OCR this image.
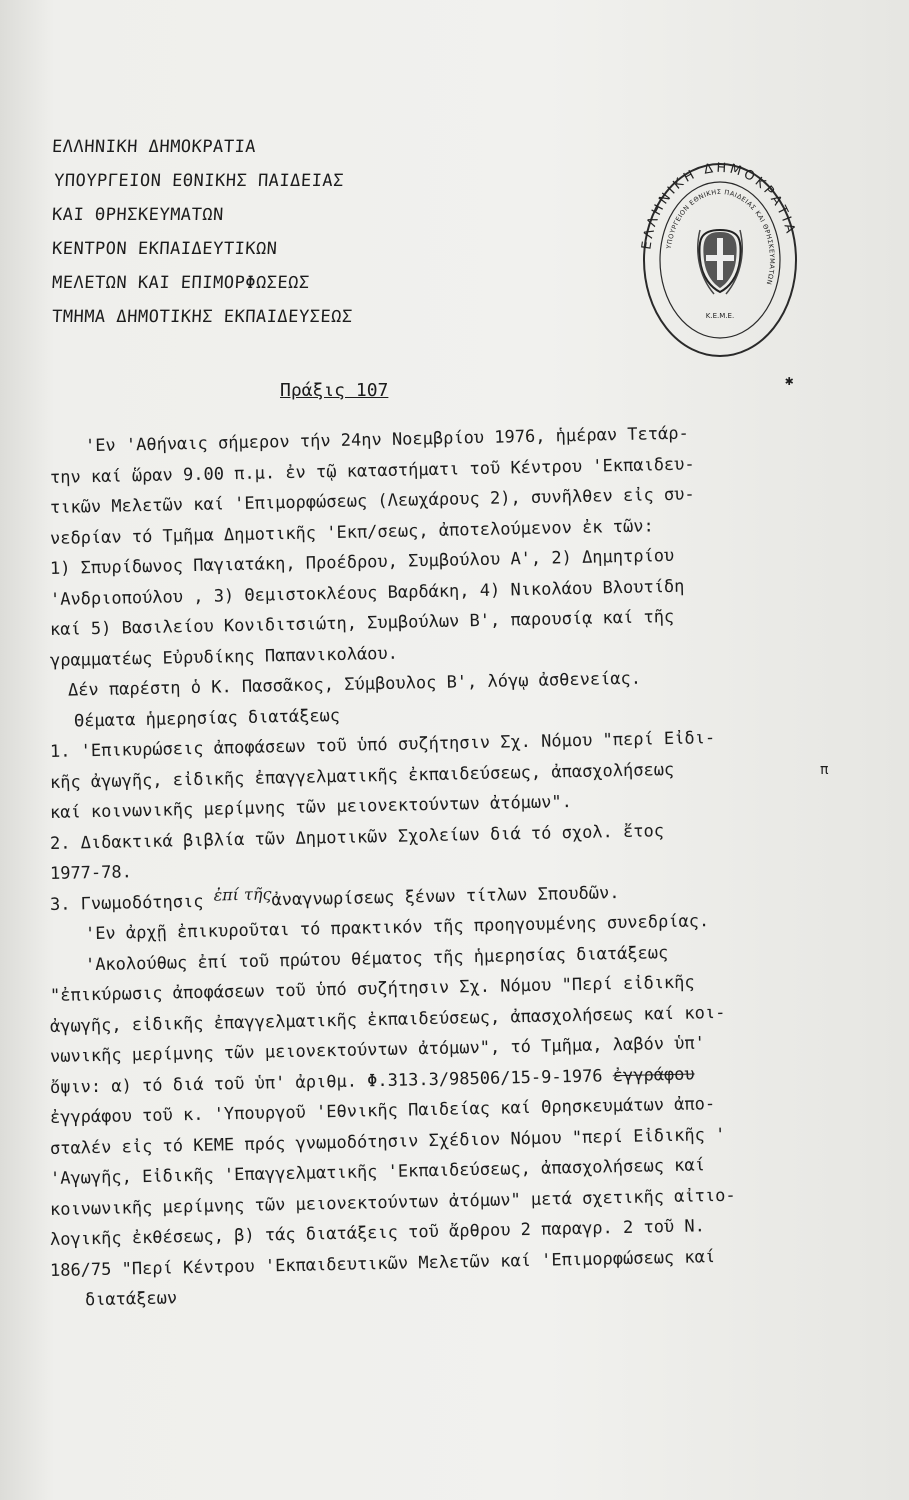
ΕΛΛΗΝΙΚΗ ΔΗΜΟΚΡΑΤΙΑ
ΥΠΟΥΡΓΕΙΟΝ ΕΘΝΙΚΗΣ ΠΑΙΔΕΙΑΣ
ΚΑΙ ΘΡΗΣΚΕΥΜΑΤΩΝ
ΚΕΝΤΡΟΝ ΕΚΠΑΙΔΕΥΤΙΚΩΝ
ΜΕΛΕΤΩΝ ΚΑΙ ΕΠΙΜΟΡΦΩΣΕΩΣ
ΤΜΗΜΑ ΔΗΜΟΤΙΚΗΣ ΕΚΠΑΙΔΕΥΣΕΩΣ
ΕΛΛΗΝΙΚΗ ΔΗΜΟΚΡΑΤΙΑ
ΥΠΟΥΡΓΕΙΟΝ ΕΘΝΙΚΗΣ ΠΑΙΔΕΙΑΣ ΚΑΙ ΘΡΗΣΚΕΥΜΑΤΩΝ
Κ.Ε.Μ.Ε.
✱
Πράξις 107
'Εν 'Αθήναις σήμερον τήν 24ην Νοεμβρίου 1976, ἡμέραν Τετάρ-
την καί ὥραν 9.00 π.μ. ἐν τῷ καταστήματι τοῦ Κέντρου 'Εκπαιδευ-
τικῶν Μελετῶν καί 'Επιμορφώσεως (Λεωχάρους 2), συνῆλθεν εἰς συ-
νεδρίαν τό Τμῆμα Δημοτικῆς 'Εκπ/σεως, ἀποτελούμενον ἐκ τῶν:
1) Σπυρίδωνος Παγιατάκη, Προέδρου, Συμβούλου Α', 2) Δημητρίου
'Ανδριοπούλου , 3) Θεμιστοκλέους Βαρδάκη, 4) Νικολάου Βλουτίδη
καί 5) Βασιλείου Κονιδιτσιώτη, Συμβούλων Β', παρουσίᾳ καί τῆς
γραμματέως Εὐρυδίκης Παπανικολάου.
Δέν παρέστη ὁ Κ. Πασσᾶκος, Σύμβουλος Β', λόγῳ ἀσθενείας.
Θέματα ἡμερησίας διατάξεως
1. 'Επικυρώσεις ἀποφάσεων τοῦ ὑπό συζήτησιν Σχ. Νόμου "περί Εἰδι-
κῆς ἀγωγῆς, εἰδικῆς ἐπαγγελματικῆς ἐκπαιδεύσεως, ἀπασχολήσεως
καί κοινωνικῆς μερίμνης τῶν μειονεκτούντων ἀτόμων".
2. Διδακτικά βιβλία τῶν Δημοτικῶν Σχολείων διά τό σχολ. ἔτος
1977-78.
3. Γνωμοδότησις ἐπί τῆςἀναγνωρίσεως ξένων τίτλων Σπουδῶν.
'Εν ἀρχῇ ἐπικυροῦται τό πρακτικόν τῆς προηγουμένης συνεδρίας.
'Ακολούθως ἐπί τοῦ πρώτου θέματος τῆς ἡμερησίας διατάξεως
"ἐπικύρωσις ἀποφάσεων τοῦ ὑπό συζήτησιν Σχ. Νόμου "Περί εἰδικῆς
ἀγωγῆς, εἰδικῆς ἐπαγγελματικῆς ἐκπαιδεύσεως, ἀπασχολήσεως καί κοι-
νωνικῆς μερίμνης τῶν μειονεκτούντων ἀτόμων", τό Τμῆμα, λαβόν ὑπ'
ὄψιν: α) τό διά τοῦ ὑπ' ἀριθμ. Φ.313.3/98506/15-9-1976 ἐγγράφου
ἐγγράφου τοῦ κ. 'Υπουργοῦ 'Εθνικῆς Παιδείας καί Θρησκευμάτων ἀπο-
σταλέν εἰς τό ΚΕΜΕ πρός γνωμοδότησιν Σχέδιον Νόμου "περί Εἰδικῆς '
'Αγωγῆς, Εἰδικῆς 'Επαγγελματικῆς 'Εκπαιδεύσεως, ἀπασχολήσεως καί
κοινωνικῆς μερίμνης τῶν μειονεκτούντων ἀτόμων" μετά σχετικῆς αἰτιο-
λογικῆς ἐκθέσεως, β) τάς διατάξεις τοῦ ἄρθρου 2 παραγρ. 2 τοῦ Ν.
186/75 "Περί Κέντρου 'Εκπαιδευτικῶν Μελετῶν καί 'Επιμορφώσεως καί
διατάξεων
π
